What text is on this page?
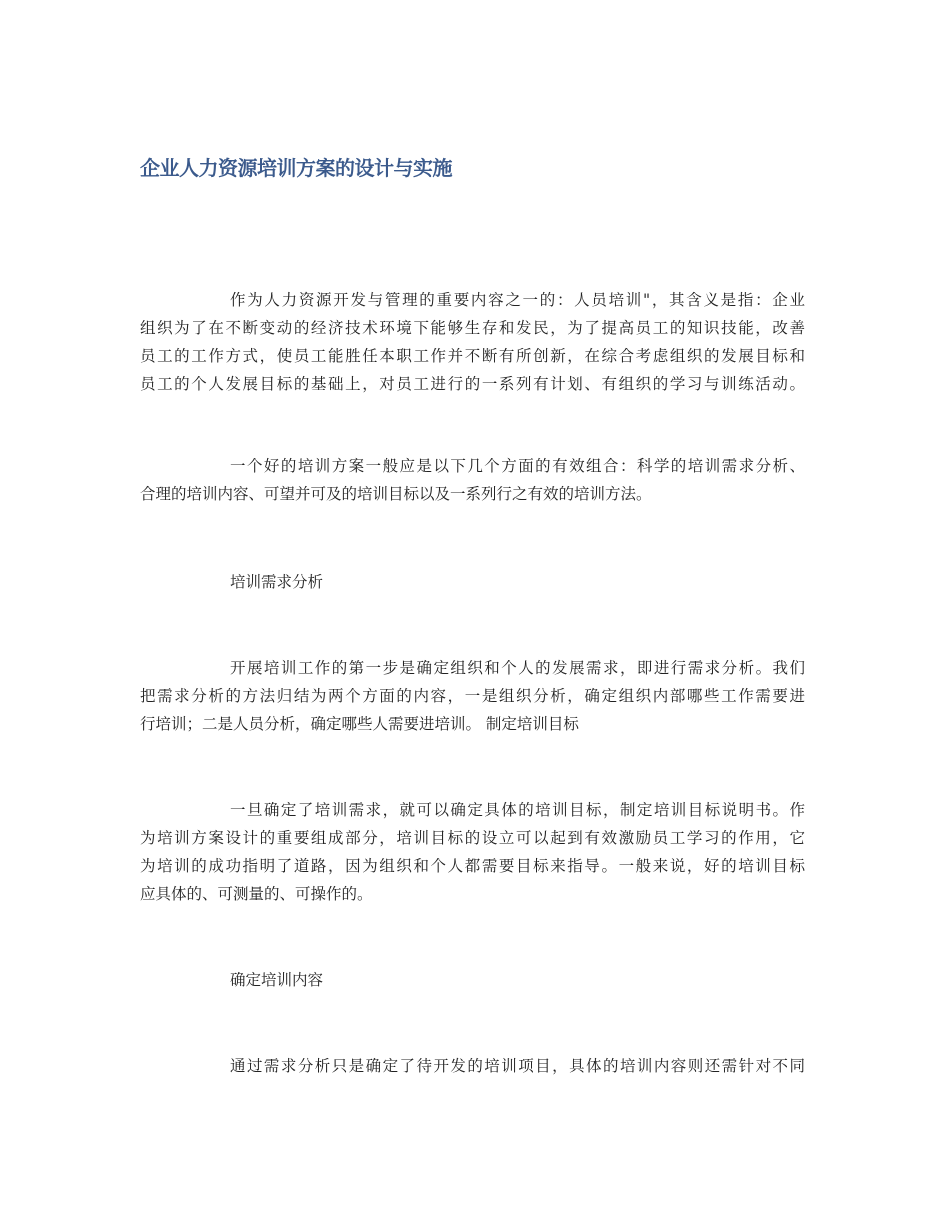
企业人力资源培训方案的设计与实施
作为人力资源开发与管理的重要内容之一的：人员培训"，其含义是指：企业
组织为了在不断变动的经济技术环境下能够生存和发民，为了提高员工的知识技能，改善
员工的工作方式，使员工能胜任本职工作并不断有所创新，在综合考虑组织的发展目标和
员工的个人发展目标的基础上，对员工进行的一系列有计划、有组织的学习与训练活动。
一个好的培训方案一般应是以下几个方面的有效组合：科学的培训需求分析、
合理的培训内容、可望并可及的培训目标以及一系列行之有效的培训方法。
培训需求分析
开展培训工作的第一步是确定组织和个人的发展需求，即进行需求分析。我们
把需求分析的方法归结为两个方面的内容，一是组织分析，确定组织内部哪些工作需要进
行培训；二是人员分析，确定哪些人需要进培训。 制定培训目标
一旦确定了培训需求，就可以确定具体的培训目标，制定培训目标说明书。作
为培训方案设计的重要组成部分，培训目标的设立可以起到有效激励员工学习的作用，它
为培训的成功指明了道路，因为组织和个人都需要目标来指导。一般来说，好的培训目标
应具体的、可测量的、可操作的。
确定培训内容
通过需求分析只是确定了待开发的培训项目，具体的培训内容则还需针对不同
